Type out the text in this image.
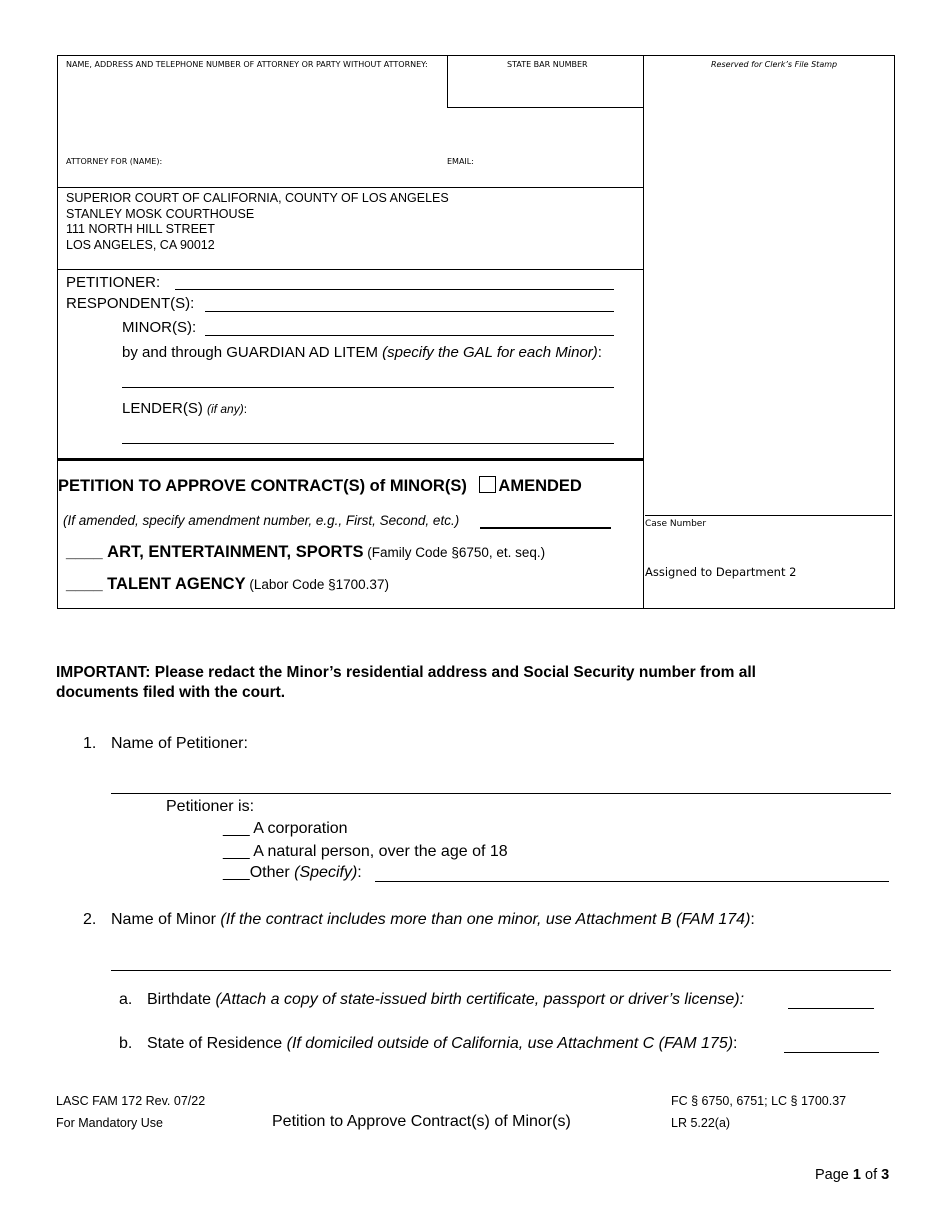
NAME, ADDRESS AND TELEPHONE NUMBER OF ATTORNEY OR PARTY WITHOUT ATTORNEY:	STATE BAR NUMBER	Reserved for Clerk’s File Stamp
ATTORNEY FOR (NAME):	EMAIL:
SUPERIOR COURT OF CALIFORNIA, COUNTY OF LOS ANGELES
STANLEY MOSK COURTHOUSE
111 NORTH HILL STREET
LOS ANGELES, CA 90012
PETITIONER:
RESPONDENT(S):
MINOR(S):
by and through GUARDIAN AD LITEM (specify the GAL for each Minor):
LENDER(S) (if any):
PETITION TO APPROVE CONTRACT(S) of MINOR(S) AMENDED
(If amended, specify amendment number, e.g., First, Second, etc.)
____ ART, ENTERTAINMENT, SPORTS (Family Code §6750, et. seq.)
____ TALENT AGENCY (Labor Code §1700.37)
Case Number
Assigned to Department 2
IMPORTANT: Please redact the Minor’s residential address and Social Security number from all
documents filed with the court.
1. Name of Petitioner:
Petitioner is:
___ A corporation
___ A natural person, over the age of 18
___Other (Specify):
2. Name of Minor (If the contract includes more than one minor, use Attachment B (FAM 174):
a. Birthdate (Attach a copy of state-issued birth certificate, passport or driver’s license):
b. State of Residence (If domiciled outside of California, use Attachment C (FAM 175):
LASC FAM 172 Rev. 07/22
For Mandatory Use	Petition to Approve Contract(s) of Minor(s)
FC § 6750, 6751; LC § 1700.37
LR 5.22(a)
Page 1 of 3
